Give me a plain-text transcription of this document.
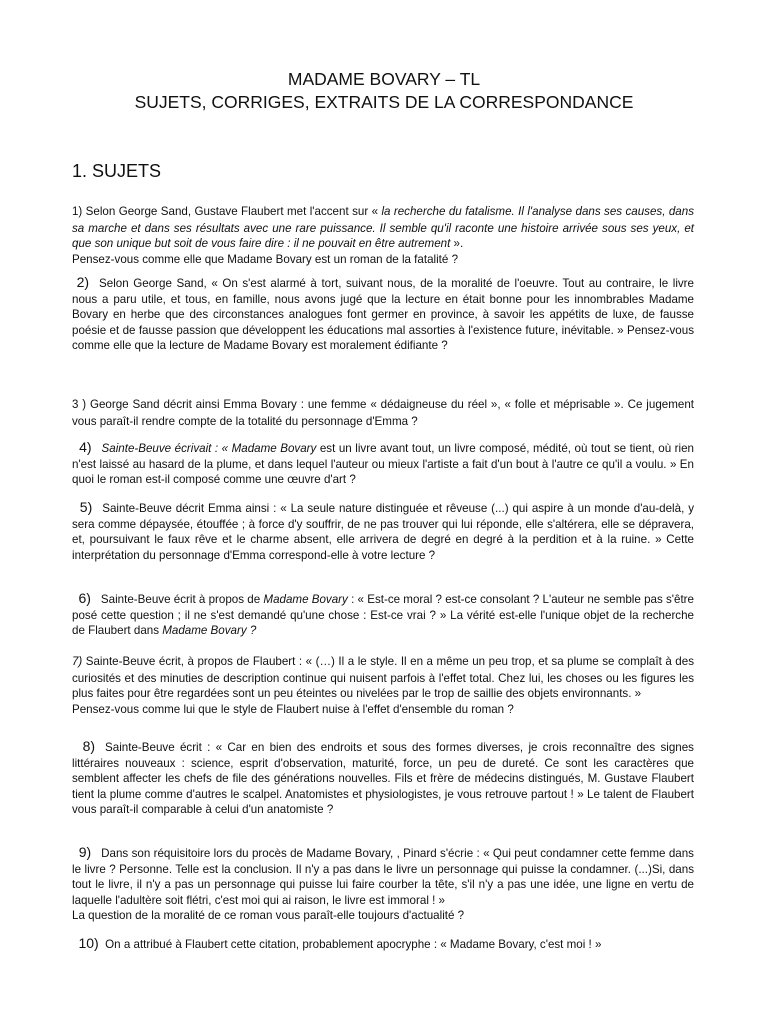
MADAME BOVARY – TL
SUJETS, CORRIGES, EXTRAITS DE LA CORRESPONDANCE
1. SUJETS
1) Selon George Sand, Gustave Flaubert met l'accent sur « la recherche du fatalisme. Il l'analyse dans ses causes, dans sa marche et dans ses résultats avec une rare puissance. Il semble qu'il raconte une histoire arrivée sous ses yeux, et que son unique but soit de vous faire dire : il ne pouvait en être autrement ».
Pensez-vous comme elle que Madame Bovary est un roman de la fatalité ?
2) Selon George Sand, « On s'est alarmé à tort, suivant nous, de la moralité de l'oeuvre. Tout au contraire, le livre nous a paru utile, et tous, en famille, nous avons jugé que la lecture en était bonne pour les innombrables Madame Bovary en herbe que des circonstances analogues font germer en province, à savoir les appétits de luxe, de fausse poésie et de fausse passion que développent les éducations mal assorties à l'existence future, inévitable. » Pensez-vous comme elle que la lecture de Madame Bovary est moralement édifiante ?
3 ) George Sand décrit ainsi Emma Bovary : une femme « dédaigneuse du réel », « folle et méprisable ». Ce jugement vous paraît-il rendre compte de la totalité du personnage d'Emma ?
4) Sainte-Beuve écrivait : « Madame Bovary est un livre avant tout, un livre composé, médité, où tout se tient, où rien n'est laissé au hasard de la plume, et dans lequel l'auteur ou mieux l'artiste a fait d'un bout à l'autre ce qu'il a voulu. » En quoi le roman est-il composé comme une œuvre d'art ?
5) Sainte-Beuve décrit Emma ainsi : « La seule nature distinguée et rêveuse (...) qui aspire à un monde d'au-delà, y sera comme dépaysée, étouffée ; à force d'y souffrir, de ne pas trouver qui lui réponde, elle s'altérera, elle se dépravera, et, poursuivant le faux rêve et le charme absent, elle arrivera de degré en degré à la perdition et à la ruine. » Cette interprétation du personnage d'Emma correspond-elle à votre lecture ?
6) Sainte-Beuve écrit à propos de Madame Bovary : « Est-ce moral ? est-ce consolant ? L'auteur ne semble pas s'être posé cette question ; il ne s'est demandé qu'une chose : Est-ce vrai ? » La vérité est-elle l'unique objet de la recherche de Flaubert dans Madame Bovary ?
7) Sainte-Beuve écrit, à propos de Flaubert : « (…) Il a le style. Il en a même un peu trop, et sa plume se complaît à des curiosités et des minuties de description continue qui nuisent parfois à l'effet total. Chez lui, les choses ou les figures les plus faites pour être regardées sont un peu éteintes ou nivelées par le trop de saillie des objets environnants. »
Pensez-vous comme lui que le style de Flaubert nuise à l'effet d'ensemble du roman ?
8) Sainte-Beuve écrit : « Car en bien des endroits et sous des formes diverses, je crois reconnaître des signes littéraires nouveaux : science, esprit d'observation, maturité, force, un peu de dureté. Ce sont les caractères que semblent affecter les chefs de file des générations nouvelles. Fils et frère de médecins distingués, M. Gustave Flaubert tient la plume comme d'autres le scalpel. Anatomistes et physiologistes, je vous retrouve partout ! » Le talent de Flaubert vous paraît-il comparable à celui d'un anatomiste ?
9) Dans son réquisitoire lors du procès de Madame Bovary, , Pinard s'écrie : « Qui peut condamner cette femme dans le livre ? Personne. Telle est la conclusion. Il n'y a pas dans le livre un personnage qui puisse la condamner. (...)Si, dans tout le livre, il n'y a pas un personnage qui puisse lui faire courber la tête, s'il n'y a pas une idée, une ligne en vertu de laquelle l'adultère soit flétri, c'est moi qui ai raison, le livre est immoral ! »
La question de la moralité de ce roman vous paraît-elle toujours d'actualité ?
10) On a attribué à Flaubert cette citation, probablement apocryphe : « Madame Bovary, c'est moi ! »
